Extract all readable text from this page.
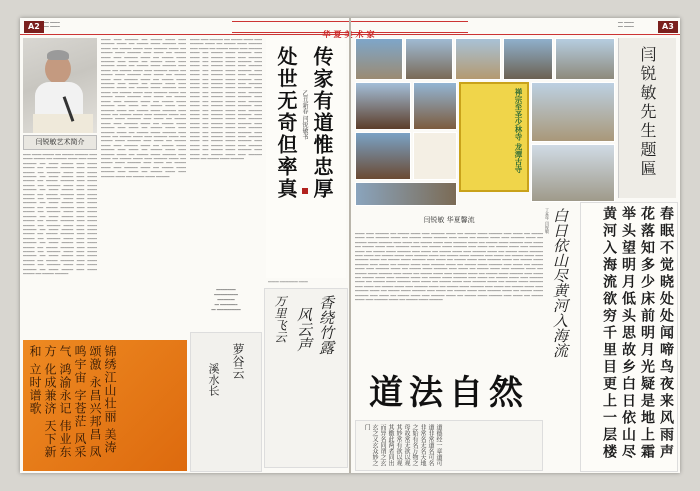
A2	━━ ━━━━
━━ ━━━━
━━ ━━━━
━━ ━━━━	A3
闫锐敏艺术简介
━━━━ ━━━━━ ━━━━━━ ━━━ ━━━━━━ ━━━━━━━ ━━━━ ━━━━━ ━━━━━━ ━━━ ━━━━━━━ ━━━━━ ━━━━ ━━━━━ ━━━━━━━ ━━━ ━━━━━ ━━━━━━ ━━━━ ━━━━━ ━━━━━━ ━━━ ━━━━━━ ━━━━━━━ ━━━━ ━━━━━ ━━━━━━ ━━━ ━━━━━━━ ━━━━━ ━━━━ ━━━━━ ━━━━━━━ ━━━ ━━━━━ ━━━━━━ ━━━━ ━━━━━ ━━━━━━ ━━━ ━━━━━━ ━━━━━━━ ━━━━ ━━━━━ ━━━━━━ ━━━ ━━━━━━━ ━━━━━ ━━━━ ━━━━━ ━━━━━━━ ━━━ ━━━━━ ━━━━━━ ━━━━ ━━━━━ ━━━━━━ ━━━ ━━━━━━ ━━━━━━━ ━━━━ ━━━━━ ━━━━━━ ━━━ ━━━━━━━ ━━━━━ ━━━━ ━━━━━ ━━━━━━━ ━━━ ━━━━━ ━━━━━━ ━━━━ ━━━━━ ━━━━━━ ━━━ ━━━━━━ ━━━━━━━ ━━━━ ━━━━━ ━━━━━━ ━━━ ━━━━━━━ ━━━━━ ━━━━ ━━━━━ ━━━━━━━ ━━━ ━━━━━ ━━━━━━ ━━━━ ━━━━━ ━━━━━━ ━━━ ━━━━━━ ━━━━━━━ ━━━━ ━━━━━ ━━━━━━ ━━━ ━━━━━━━ ━━━━━ ━━━━ ━━━━━ ━━━━━━━ ━━━ ━━━━━ ━━━━━━ ━━━━ ━━━━━ ━━━━━━ ━━━ ━━━━━━ ━━━━━━━ ━━━━ ━━━━━ ━━━━━━ ━━━ ━━━━━━━ ━━━━━ ━━━━ ━━━━━ ━━━━━━━ ━━━ ━━━━━ ━━━━━━ ━━━━ ━━━━━ ━━━━━━ ━━━ ━━━━━━ ━━━━━━━ ━━━━ ━━━━━ ━━━━━━ ━━━ ━━━━━━━ ━━━━━ ━━━━ ━━━━━ ━━━━━━━ ━━━ ━━━━━ ━━━━━━ ━━━━ ━━━━━ ━━━━━━ ━━━ ━━━━━━ ━━━━━━━ ━━━━ ━━━━━ ━━━━━━ ━━━ ━━━━━━━ ━━━━━ ━━━━ ━━━━━ ━━━━━━━ ━━━ ━━━━━ ━━━━━━ ━━━━ ━━━━━ ━━━━━━ ━━━ ━━━━━━ ━━━━━━━
━━━━━ ━━━━ ━━━━━━━ ━━━ ━━━━━━ ━━━━━ ━━━━ ━━━━━━━ ━━━━━ ━━━ ━━━━━━ ━━━━━ ━━━━━━━ ━━━━ ━━━━━ ━━━ ━━━━━━ ━━━━━ ━━━━ ━━━━━━━ ━━━━━ ━━━ ━━━━━━ ━━━━━ ━━━━━━━ ━━━━ ━━━━━ ━━━ ━━━━━━ ━━━━━ ━━━━ ━━━━━━━ ━━━━━ ━━━ ━━━━━━ ━━━━━ ━━━━━━━ ━━━━ ━━━━━ ━━━ ━━━━━━ ━━━━━ ━━━━ ━━━━━━━ ━━━━━ ━━━ ━━━━━━ ━━━━━ ━━━━━━━ ━━━━ ━━━━━ ━━━ ━━━━━━ ━━━━━ ━━━━ ━━━━━━━ ━━━━━ ━━━ ━━━━━━ ━━━━━ ━━━━━━━ ━━━━ ━━━━━ ━━━ ━━━━━━ ━━━━━ ━━━━ ━━━━━━━ ━━━━━ ━━━ ━━━━━━ ━━━━━ ━━━━━━━ ━━━━ ━━━━━ ━━━ ━━━━━━ ━━━━━ ━━━━ ━━━━━━━ ━━━━━ ━━━ ━━━━━━ ━━━━━ ━━━━━━━ ━━━━ ━━━━━ ━━━ ━━━━━━ ━━━━━ ━━━━ ━━━━━━━ ━━━━━ ━━━ ━━━━━━ ━━━━━ ━━━━━━━ ━━━━ ━━━━━ ━━━ ━━━━━━ ━━━━━ ━━━━ ━━━━━━━ ━━━━━ ━━━ ━━━━━━ ━━━━━ ━━━━━━━ ━━━━ ━━━━━ ━━━ ━━━━━━ ━━━━━ ━━━━ ━━━━━━━ ━━━━━ ━━━ ━━━━━━ ━━━━━ ━━━━━━━ ━━━━ ━━━━━ ━━━ ━━━━━━ ━━━━━ ━━━━ ━━━━━━━ ━━━━━ ━━━ ━━━━━━ ━━━━━ ━━━━━━━ ━━━━ ━━━━━ ━━━ ━━━━━━ ━━━━━ ━━━━ ━━━━━━━ ━━━━━ ━━━ ━━━━━━ ━━━━━ ━━━━━━━ ━━━━ ━━━━━ ━━━ ━━━━━━ ━━━━━ ━━━━ ━━━━━━━ ━━━━━ ━━━ ━━━━━━ ━━━━━ ━━━━━━━ ━━━━ ━━━━━ ━━━ ━━━━━━ ━━━━━ ━━━━ ━━━━━━━ ━━━━━ ━━━ ━━━━━━ ━━━━━ ━━━━━━━ ━━━━ ━━━━━ ━━━ ━━━━━━ ━━━━━ ━━━━ ━━━━━━━ ━━━━━ ━━━ ━━━━━━ ━━━━━ ━━━━━━━ ━━━━ ━━━━━ ━━━ ━━━━━━ ━━━━━ ━━━━ ━━━━━━━ ━━━━━ ━━━ ━━━━━━ ━━━━━ ━━━━━━━ ━━━━ ━━━━━ ━━━ ━━━━━━ ━━━━━ ━━━━ ━━━━━━━ ━━━━━ ━━━ ━━━━━━ ━━━━━ ━━━━━━━ ━━━━ ━━━━━ ━━━ ━━━━━━ ━━━━━ ━━━━ ━━━━━━━ ━━━━━ ━━━ ━━━━━━ ━━━━━ ━━━━━━━ ━━━━ ━━━━━ ━━━ ━━━━━━ ━━━━━ ━━━━ ━━━━━━━ ━━━━━ ━━━ ━━━━━━ ━━━━━ ━━━━━━━
━━━━━ ━━━━ ━━━━━━━ ━━━ ━━━━━━ ━━━━━ ━━━━ ━━━━━━━ ━━━━━ ━━━ ━━━━━━ ━━━━━ ━━━━━━━ ━━━━ ━━━━━ ━━━ ━━━━━━ ━━━━━ ━━━━ ━━━━━━━ ━━━━━ ━━━ ━━━━━━ ━━━━━ ━━━━━━━ ━━━━ ━━━━━ ━━━ ━━━━━━ ━━━━━ ━━━━ ━━━━━━━ ━━━━━ ━━━ ━━━━━━ ━━━━━ ━━━━━━━ ━━━━ ━━━━━ ━━━ ━━━━━━ ━━━━━ ━━━━ ━━━━━━━ ━━━━━ ━━━ ━━━━━━ ━━━━━ ━━━━━━━ ━━━━ ━━━━━ ━━━ ━━━━━━ ━━━━━ ━━━━ ━━━━━━━ ━━━━━ ━━━ ━━━━━━ ━━━━━ ━━━━━━━ ━━━━ ━━━━━ ━━━ ━━━━━━ ━━━━━ ━━━━ ━━━━━━━ ━━━━━ ━━━ ━━━━━━ ━━━━━ ━━━━━━━ ━━━━ ━━━━━ ━━━ ━━━━━━ ━━━━━ ━━━━ ━━━━━━━ ━━━━━ ━━━ ━━━━━━ ━━━━━ ━━━━━━━ ━━━━ ━━━━━ ━━━ ━━━━━━ ━━━━━ ━━━━ ━━━━━━━ ━━━━━ ━━━ ━━━━━━ ━━━━━ ━━━━━━━ ━━━━ ━━━━━ ━━━ ━━━━━━ ━━━━━ ━━━━ ━━━━━━━ ━━━━━ ━━━ ━━━━━━ ━━━━━ ━━━━━━━ ━━━━ ━━━━━ ━━━ ━━━━━━ ━━━━━ ━━━━ ━━━━━━━ ━━━━━ ━━━ ━━━━━━ ━━━━━ ━━━━━━━ ━━━━ ━━━━━ ━━━ ━━━━━━ ━━━━━ ━━━━ ━━━━━━━ ━━━━━ ━━━ ━━━━━━ ━━━━━ ━━━━━━━ ━━━━ ━━━━━ ━━━ ━━━━━━ ━━━━━ ━━━━ ━━━━━━━ ━━━━━ ━━━ ━━━━━━ ━━━━━ ━━━━━━━ ━━━━ ━━━━━ ━━━ ━━━━━━ ━━━━━ ━━━━ ━━━━━━━ ━━━━━ ━━━ ━━━━━━ ━━━━━ ━━━━━━━ ━━━━ ━━━━━ ━━━ ━━━━━━ ━━━━━ ━━━━ ━━━━━━━ ━━━━━ ━━━ ━━━━━━ ━━━━━ ━━━━━━━
━━━━━━━━━
━━━━━━━━━━━
━━━━━━━━
━━ ━━━━━━━━
━━ ━━━━━━━━━━━
传家有道惟忠厚
处世无奇但率真 乙丑新春 闫锐敏书
━━━━━━ ━━━━━━━━━━ ━━━━━
香绕竹露
风云声
万里飞云
萝谷云
溪水长
锦绣江山壮丽 美涛颂激 永昌兴邦昌 凤鸣宇宙 字苍茫 风采气 鸿渝永记 伟业东方 化成兼济 天下新和 立时谱歌
禅宗至圣少林寺 龙潭古寺	闫锐敏先生题匾
闫锐敏 华夏馨流
━━━━━ ━━━━ ━━━━━━━ ━━━ ━━━━━━ ━━━━━ ━━━━ ━━━━━━━ ━━━━━ ━━━ ━━━━━━ ━━━━━ ━━━━━━━ ━━━━ ━━━━━ ━━━ ━━━━━━ ━━━━━ ━━━━ ━━━━━━━ ━━━━━ ━━━ ━━━━━━ ━━━━━ ━━━━━━━ ━━━━ ━━━━━ ━━━ ━━━━━━ ━━━━━ ━━━━ ━━━━━━━ ━━━━━ ━━━ ━━━━━━ ━━━━━ ━━━━━━━ ━━━━ ━━━━━ ━━━ ━━━━━━ ━━━━━ ━━━━ ━━━━━━━ ━━━━━ ━━━ ━━━━━━ ━━━━━ ━━━━━━━ ━━━━ ━━━━━ ━━━ ━━━━━━ ━━━━━ ━━━━ ━━━━━━━ ━━━━━ ━━━ ━━━━━━ ━━━━━ ━━━━━━━ ━━━━ ━━━━━ ━━━ ━━━━━━ ━━━━━ ━━━━ ━━━━━━━ ━━━━━ ━━━ ━━━━━━ ━━━━━ ━━━━━━━ ━━━━ ━━━━━ ━━━ ━━━━━━ ━━━━━ ━━━━ ━━━━━━━ ━━━━━ ━━━ ━━━━━━ ━━━━━ ━━━━━━━ ━━━━ ━━━━━ ━━━ ━━━━━━ ━━━━━ ━━━━ ━━━━━━━ ━━━━━ ━━━ ━━━━━━ ━━━━━ ━━━━━━━ ━━━━ ━━━━━ ━━━ ━━━━━━ ━━━━━ ━━━━ ━━━━━━━ ━━━━━ ━━━ ━━━━━━ ━━━━━ ━━━━━━━ ━━━━ ━━━━━ ━━━ ━━━━━━ ━━━━━ ━━━━ ━━━━━━━ ━━━━━ ━━━ ━━━━━━ ━━━━━ ━━━━━━━ ━━━━ ━━━━━ ━━━ ━━━━━━ ━━━━━ ━━━━ ━━━━━━━ ━━━━━ ━━━ ━━━━━━ ━━━━━ ━━━━━━━ ━━━━ ━━━━━ ━━━ ━━━━━━ ━━━━━ ━━━━ ━━━━━━━ ━━━━━ ━━━ ━━━━━━ ━━━━━ ━━━━━━━ ━━━━ ━━━━━ ━━━ ━━━━━━ ━━━━━ ━━━━ ━━━━━━━ ━━━━━ ━━━ ━━━━━━ ━━━━━ ━━━━━━━ ━━━━ ━━━━━ ━━━ ━━━━━━ ━━━━━ ━━━━ ━━━━━━━ ━━━━━ ━━━ ━━━━━━ ━━━━━ ━━━━━━━ ━━━━ ━━━━━ ━━━ ━━━━━━ ━━━━━ ━━━━ ━━━━━━━ ━━━━━ ━━━ ━━━━━━ ━━━━━ ━━━━━━━ ━━━━ ━━━━━ ━━━ ━━━━━━ ━━━━━ ━━━━ ━━━━━━━ ━━━━━ ━━━ ━━━━━━ ━━━━━ ━━━━━━━ ━━━━ ━━━━━ ━━━ ━━━━━━ ━━━━━ ━━━━ ━━━━━━━ ━━━━━ ━━━ ━━━━━━ ━━━━━ ━━━━━━━ ━━━━ ━━━━━ ━━━ ━━━━━━ ━━━━━ ━━━━ ━━━━━━━ ━━━━━ ━━━ ━━━━━━ ━━━━━ ━━━━━━━ ━━━━ ━━━━━ ━━━ ━━━━━━ ━━━━━ ━━━━ ━━━━━━━ ━━━━━ ━━━ ━━━━━━ ━━━━━ ━━━━━━━ ━━━━ ━━━━━ ━━━ ━━━━━━ ━━━━━ ━━━━ ━━━━━━━ ━━━━━ ━━━ ━━━━━━ ━━━━━ ━━━━━━━ ━━━━ ━━━━━ ━━━ ━━━━━━ ━━━━━ ━━━━ ━━━━━━━ ━━━━━ ━━━ ━━━━━━ ━━━━━ ━━━━━━━ ━━━━ ━━━━━ ━━━ ━━━━━━ ━━━━━ ━━━━ ━━━━━━━ ━━━━━ ━━━ ━━━━━━ ━━━━━ ━━━━━━━
道法自然
道德经一章道可道非常道名可名非常名无名天地之始有名万物之母故常无欲以观其妙常有欲以观其徼此两者同出而异名同谓之玄玄之又玄众妙之门
白日依山尽黄河入海流
丁亥年 闫锐敏	春眠不觉晓处处闻啼鸟夜来风雨声花落知多少床前明月光疑是地上霜举头望明月低头思故乡白日依山尽黄河入海流欲穷千里目更上一层楼
